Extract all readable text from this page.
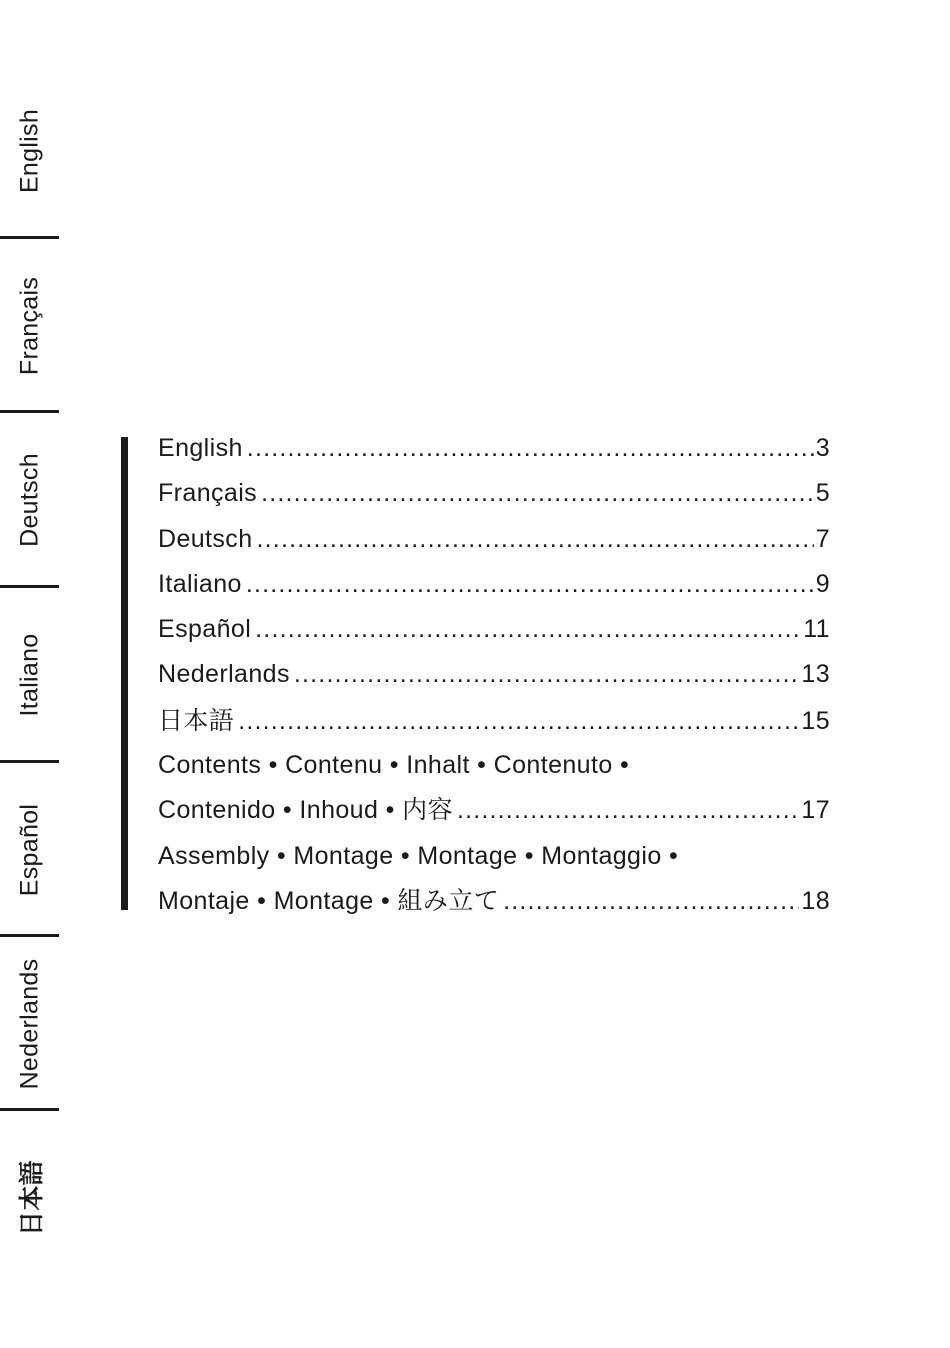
English
Français
Deutsch
Italiano
Español
Nederlands
日本語
English .....	3
Français .....	5
Deutsch .....	7
Italiano .....	9
Español .....	11
Nederlands .....	13
日本語 .....	15
Contents • Contenu • Inhalt • Contenuto •
Contenido • Inhoud • 内容 .....	17
Assembly • Montage • Montage • Montaggio •
Montaje • Montage • 組み立て .....	18
